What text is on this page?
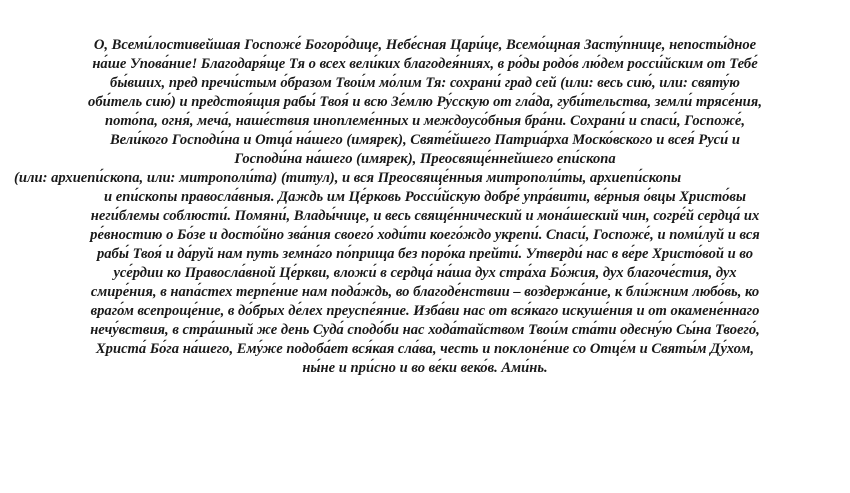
О, Всеми́лостивейшая Госпоже́ Богоро́дице, Небе́сная Цари́це, Всемо́щная Засту́пнице, непосты́дное
на́ше Упова́ние! Благодаря́ще Тя о всех вели́ких благодея́ниях, в ро́ды родо́в лю́дем росси́йским от Тебе́
бы́вших, пред пречи́стым о́бразом Твои́м мо́лим Тя: сохрани́ град сей (или: весь сию́, или: святу́ю
оби́тель сию́) и предстоя́щия рабы́ Твоя́ и всю Зе́млю Ру́сскую от гла́да, губи́тельства, земли́ трясе́ния,
пото́па, огня́, меча́, наше́ствия иноплеме́нных и междоусо́бныя бра́ни. Сохрани́ и спаси́, Госпоже́,
Вели́кого Господи́на и Отца́ на́шего (имярек), Святе́йшего Патриа́рха Моско́вского и всея́ Руси́ и
Господи́на на́шего (имярек), Преосвяще́ннейшего епи́скопа
(или: архиепи́скопа, или: митрополи́та) (титул), и вся Преосвяще́нныя митрополи́ты, архиепи́скопы
и епи́скопы правосла́вныя. Даждь им Це́рковь Росси́йскую добре́ упра́вити, ве́рныя о́вцы Христо́вы
неги́блемы соблюсти́. Помяни́, Влады́чице, и весь свяще́ннический и мона́шеский чин, согре́й сердца́ их
ре́вностию о Бо́зе и досто́йно зва́ния своего́ ходи́ти коего́ждо укрепи́. Спаси́, Госпоже́, и поми́луй и вся
рабы́ Твоя́ и да́руй нам путь земна́го по́прища без поро́ка прейти́. Утверди́ нас в ве́ре Христо́вой и во
усе́рдии ко Правосла́вной Це́ркви, вложи́ в сердца́ на́ша дух стра́ха Бо́жия, дух благоче́стия, дух
смире́ния, в напа́стех терпе́ние нам пода́ждь, во благоде́нствии – воздержа́ние, к бли́жним любо́вь, ко
враго́м всепроще́ние, в до́брых де́лех преуспе́яние. Изба́ви нас от вся́каго искуше́ния и от окамене́ннаго
нечу́вствия, в стра́шный же день Суда́ сподо́би нас хода́тайством Твои́м ста́ти одесну́ю Сы́на Твоего́,
Христа́ Бо́га на́шего, Ему́же подоба́ет вся́кая сла́ва, честь и поклоне́ние со Отце́м и Святы́м Ду́хом,
ны́не и при́сно и во ве́ки веко́в. Ами́нь.
